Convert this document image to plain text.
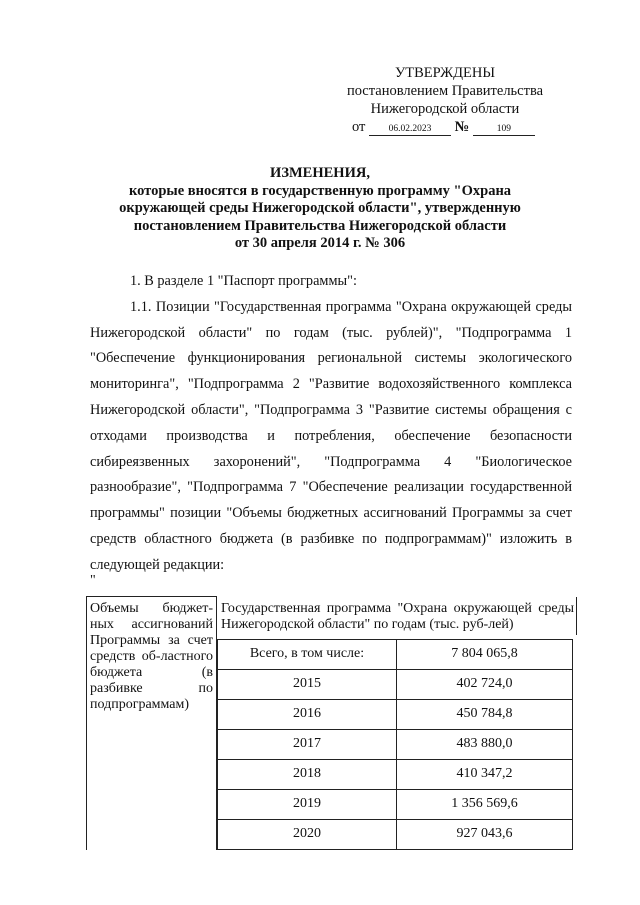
УТВЕРЖДЕНЫ
постановлением Правительства
Нижегородской области
от 06.02.2023 №	109
ИЗМЕНЕНИЯ,
которые вносятся в государственную программу "Охрана
окружающей среды Нижегородской области", утвержденную
постановлением Правительства Нижегородской области
от 30 апреля 2014 г. № 306

1. В разделе 1 "Паспорт программы":

1.1. Позиции "Государственная программа "Охрана окружающей среды Нижегородской области" по годам (тыс. рублей)", "Подпрограмма 1 "Обеспечение функционирования региональной системы экологического мониторинга", "Подпрограмма 2 "Развитие водохозяйственного комплекса Нижегородской области", "Подпрограмма 3 "Развитие системы обращения с отходами производства и потребления, обеспечение безопасности сибиреязвенных захоронений", "Подпрограмма 4 "Биологическое разнообразие", "Подпрограмма 7 "Обеспечение реализации государственной программы" позиции "Объемы бюджетных ассигнований Программы за счет средств областного бюджета (в разбивке по подпрограммам)" изложить в следующей редакции:

"
Объемы бюджет-ных ассигнований Программы за счет средств об-ластного бюджета (в разбивке по подпрограммам)	
Государственная программа "Охрана окружающей среды Нижегородской области" по годам (тыс. руб-лей)
Всего, в том числе:	7 804 065,8
2015	402 724,0
2016	450 784,8
2017	483 880,0
2018	410 347,2
2019	1 356 569,6
2020	927 043,6
